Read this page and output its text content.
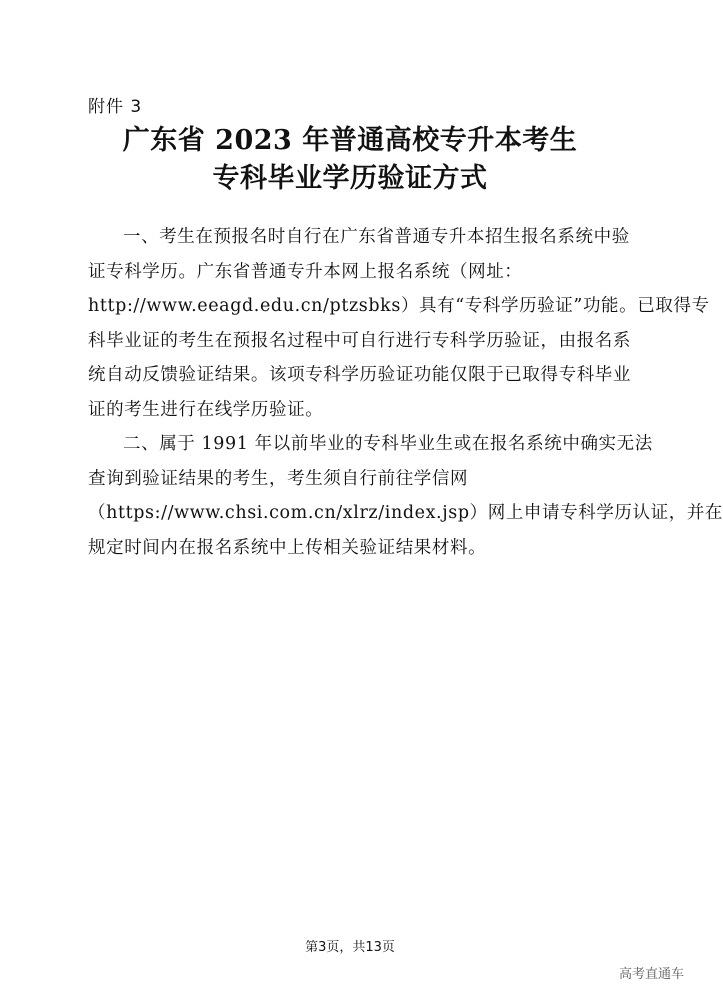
附件 3
广东省 2023 年普通高校专升本考生
专科毕业学历验证方式
一、考生在预报名时自行在广东省普通专升本招生报名系统中验
证专科学历。广东省普通专升本网上报名系统（网址：
http://www.eeagd.edu.cn/ptzsbks）具有“专科学历验证”功能。已取得专
科毕业证的考生在预报名过程中可自行进行专科学历验证，由报名系
统自动反馈验证结果。该项专科学历验证功能仅限于已取得专科毕业
证的考生进行在线学历验证。
二、属于 1991 年以前毕业的专科毕业生或在报名系统中确实无法
查询到验证结果的考生，考生须自行前往学信网
（https://www.chsi.com.cn/xlrz/index.jsp）网上申请专科学历认证，并在
规定时间内在报名系统中上传相关验证结果材料。
第3页，共13页
高考直通车
